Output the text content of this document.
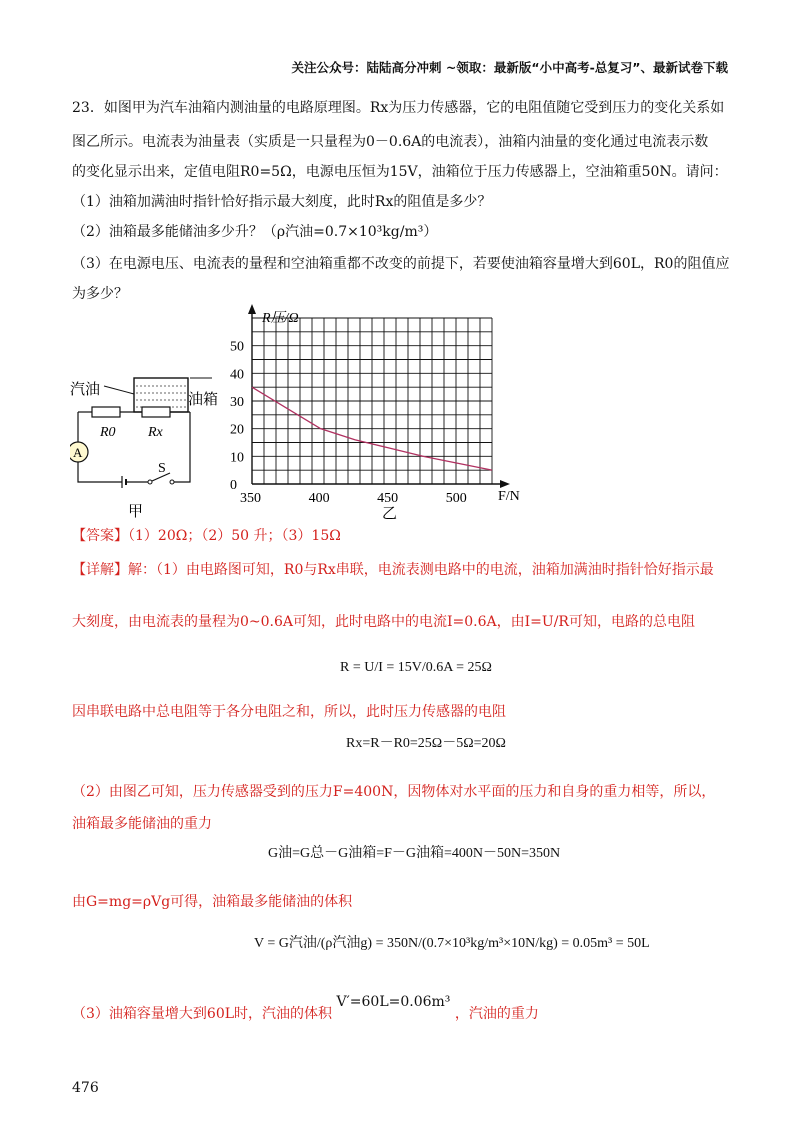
关注公众号：陆陆高分冲刺 ~领取：最新版“小中高考-总复习”、最新试卷下载
23．如图甲为汽车油箱内测油量的电路原理图。Rx为压力传感器，它的电阻值随它受到压力的变化关系如
图乙所示。电流表为油量表（实质是一只量程为0－0.6A的电流表），油箱内油量的变化通过电流表示数
的变化显示出来，定值电阻R0=5Ω，电源电压恒为15V，油箱位于压力传感器上，空油箱重50N。请问：
（1）油箱加满油时指针恰好指示最大刻度，此时Rx的阻值是多少？
（2）油箱最多能储油多少升？（ρ汽油=0.7×10³kg/m³）
（3）在电源电压、电流表的量程和空油箱重都不改变的前提下，若要使油箱容量增大到60L，R0的阻值应
为多少？
汽油
油箱
R0 Rx
A
S
甲
350	400	450	500
0
10
20
30
40
50
R压/Ω
F/N
乙
【答案】（1）20Ω；（2）50 升；（3）15Ω
【详解】解：（1）由电路图可知，R0与Rx串联，电流表测电路中的电流，油箱加满油时指针恰好指示最
大刻度，由电流表的量程为0~0.6A可知，此时电路中的电流I=0.6A，由I=U/R可知，电路的总电阻
R = U/I = 15V/0.6A = 25Ω
因串联电路中总电阻等于各分电阻之和，所以，此时压力传感器的电阻
Rx=R－R0=25Ω－5Ω=20Ω
（2）由图乙可知，压力传感器受到的压力F=400N，因物体对水平面的压力和自身的重力相等，所以，
油箱最多能储油的重力
G油=G总－G油箱=F－G油箱=400N－50N=350N
由G=mg=ρVg可得，油箱最多能储油的体积
V = G汽油/(ρ汽油g) = 350N/(0.7×10³kg/m³×10N/kg) = 0.05m³ = 50L
（3）油箱容量增大到60L时，汽油的体积 V′=60L=0.06m³ ，汽油的重力
476
